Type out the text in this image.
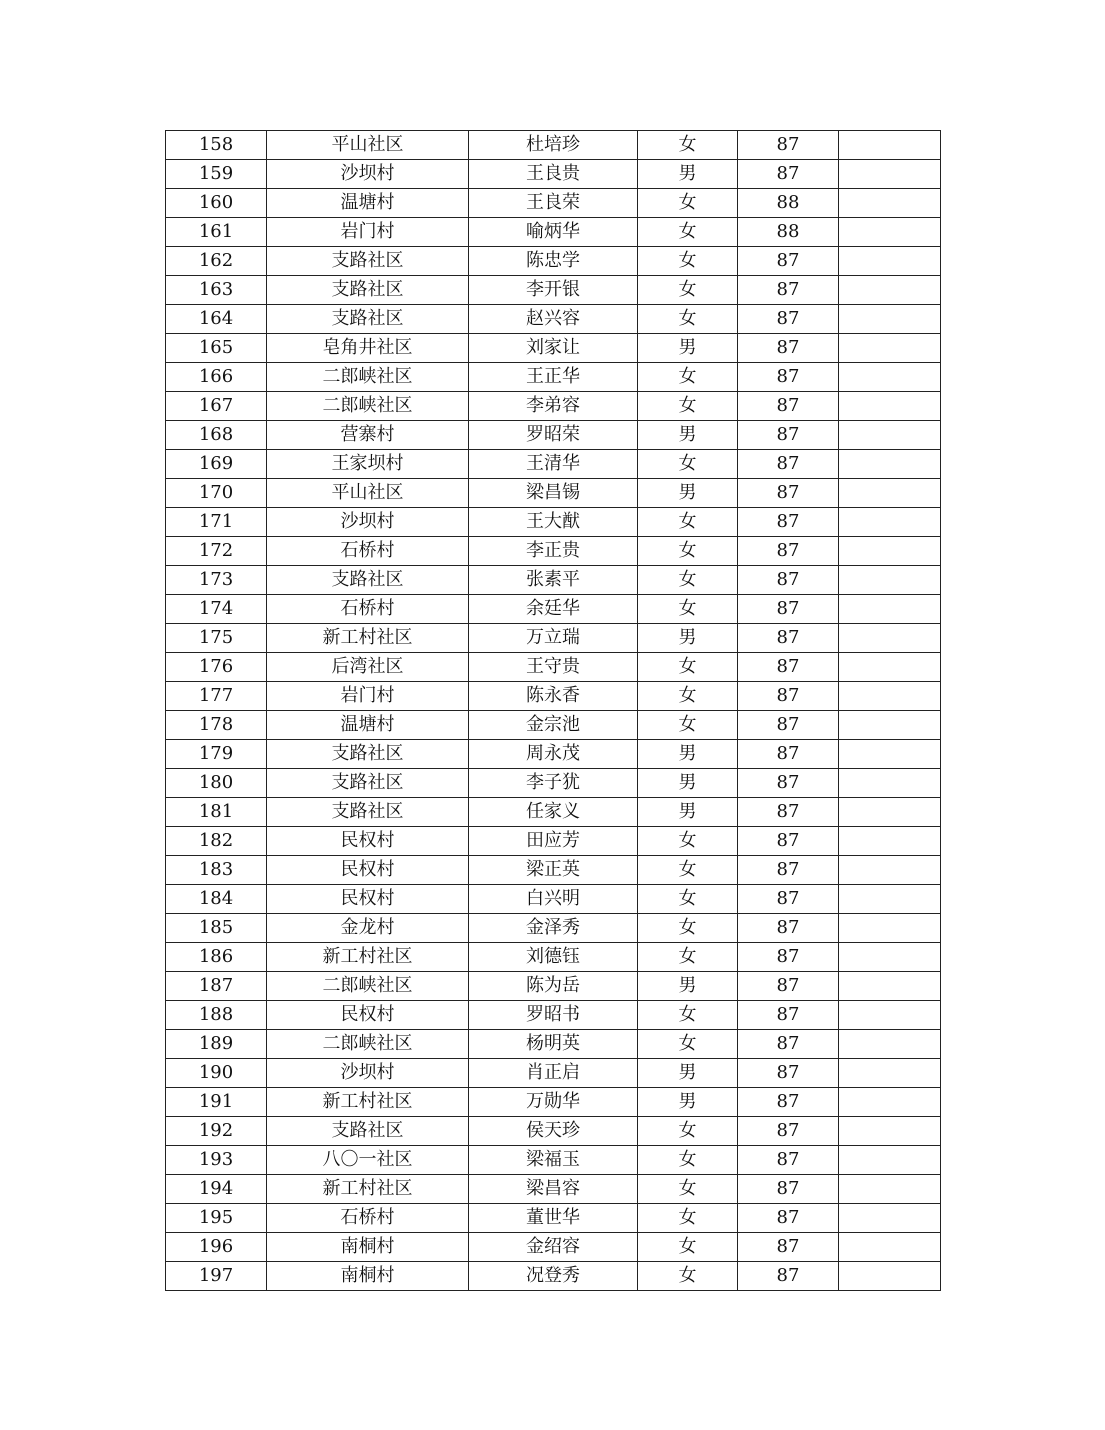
158	平山社区	杜培珍	女	87	
159	沙坝村	王良贵	男	87	
160	温塘村	王良荣	女	88	
161	岩门村	喻炳华	女	88	
162	支路社区	陈忠学	女	87	
163	支路社区	李开银	女	87	
164	支路社区	赵兴容	女	87	
165	皂角井社区	刘家让	男	87	
166	二郎峡社区	王正华	女	87	
167	二郎峡社区	李弟容	女	87	
168	营寨村	罗昭荣	男	87	
169	王家坝村	王清华	女	87	
170	平山社区	梁昌锡	男	87	
171	沙坝村	王大猷	女	87	
172	石桥村	李正贵	女	87	
173	支路社区	张素平	女	87	
174	石桥村	余廷华	女	87	
175	新工村社区	万立瑞	男	87	
176	后湾社区	王守贵	女	87	
177	岩门村	陈永香	女	87	
178	温塘村	金宗池	女	87	
179	支路社区	周永茂	男	87	
180	支路社区	李子犹	男	87	
181	支路社区	任家义	男	87	
182	民权村	田应芳	女	87	
183	民权村	梁正英	女	87	
184	民权村	白兴明	女	87	
185	金龙村	金泽秀	女	87	
186	新工村社区	刘德钰	女	87	
187	二郎峡社区	陈为岳	男	87	
188	民权村	罗昭书	女	87	
189	二郎峡社区	杨明英	女	87	
190	沙坝村	肖正启	男	87	
191	新工村社区	万勋华	男	87	
192	支路社区	侯天珍	女	87	
193	八〇一社区	梁福玉	女	87	
194	新工村社区	梁昌容	女	87	
195	石桥村	董世华	女	87	
196	南桐村	金绍容	女	87	
197	南桐村	况登秀	女	87	
